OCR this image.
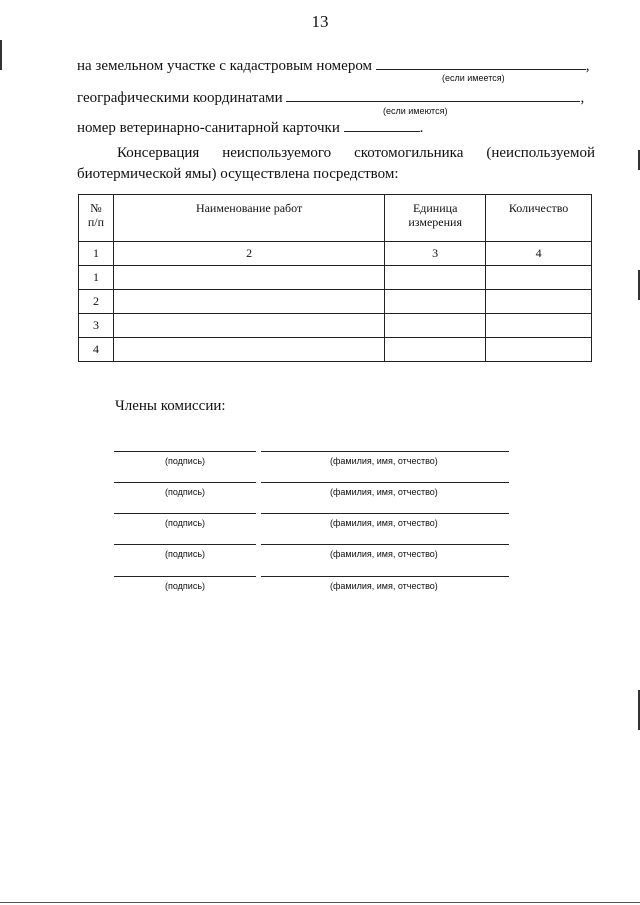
13
на земельном участке с кадастровым номером	,
(если имеется)
географическими координатами	,
(если имеются)
номер ветеринарно-санитарной карточки	.
Консервация неиспользуемого скотомогильника (неиспользуемой
биотермической ямы) осуществлена посредством:
№ п/п	Наименование работ	Единица измерения	Количество
1	2	3	4
1			
2			
3			
4			
Члены комиссии:
(подпись)	(фамилия, имя, отчество)
(подпись)	(фамилия, имя, отчество)
(подпись)	(фамилия, имя, отчество)
(подпись)	(фамилия, имя, отчество)
(подпись)	(фамилия, имя, отчество)
